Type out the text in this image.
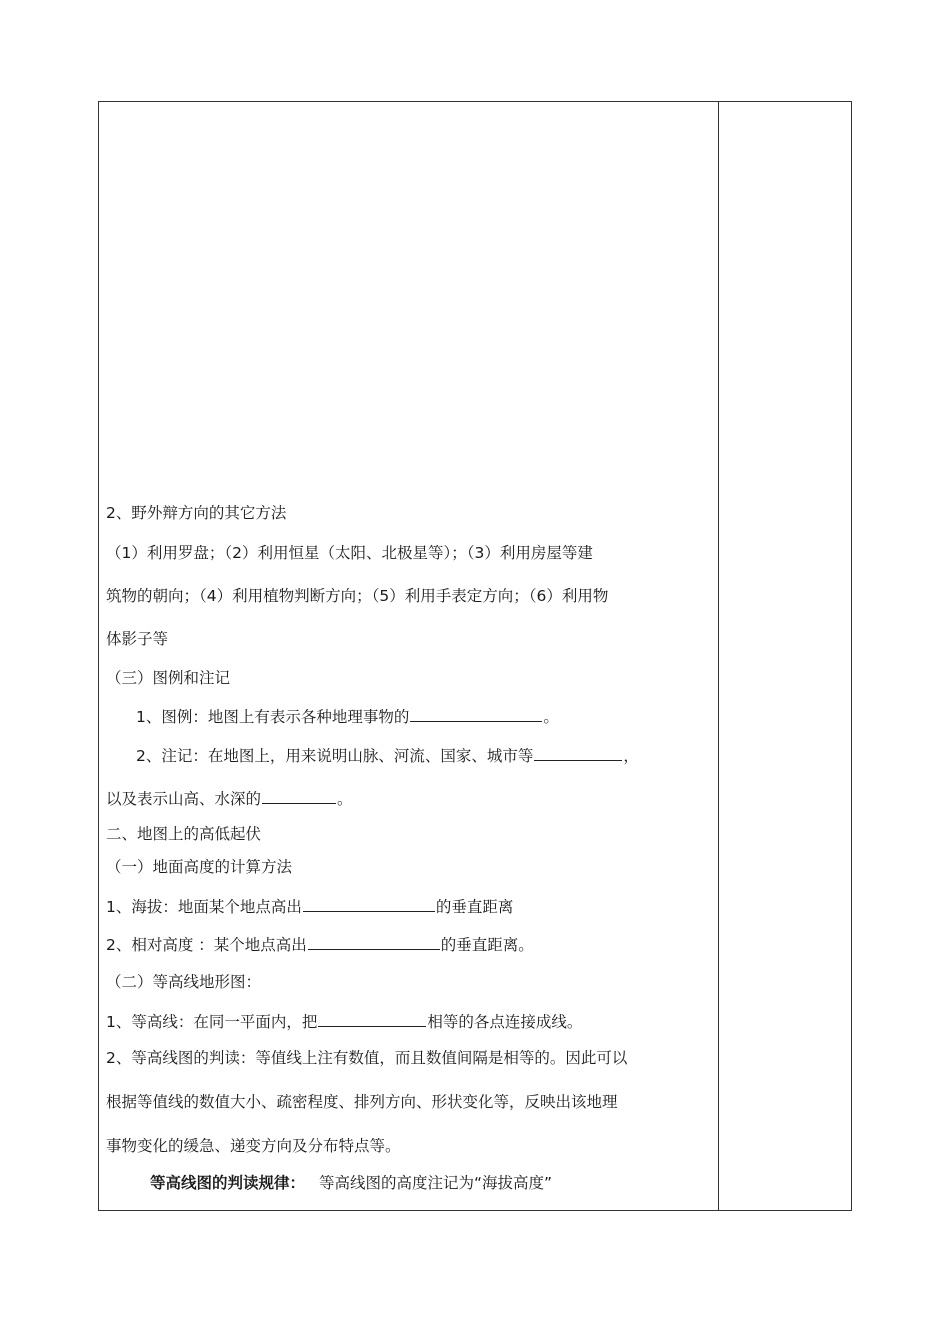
2、野外辩方向的其它方法
（1）利用罗盘；（2）利用恒星（太阳、北极星等）；（3）利用房屋等建
筑物的朝向；（4）利用植物判断方向；（5）利用手表定方向；（6）利用物
体影子等
（三）图例和注记
1、图例：地图上有表示各种地理事物的	。
2、注记：在地图上，用来说明山脉、河流、国家、城市等	，
以及表示山高、水深的	。
二、地图上的高低起伏
（一）地面高度的计算方法
1、海拔：地面某个地点高出	的垂直距离
2、相对高度 ：某个地点高出	的垂直距离。
（二）等高线地形图：
1、等高线：在同一平面内，把	相等的各点连接成线。
2、等高线图的判读：等值线上注有数值，而且数值间隔是相等的。因此可以
根据等值线的数值大小、疏密程度、排列方向、形状变化等，反映出该地理
事物变化的缓急、递变方向及分布特点等。
等高线图的判读规律： 等高线图的高度注记为“海拔高度”
